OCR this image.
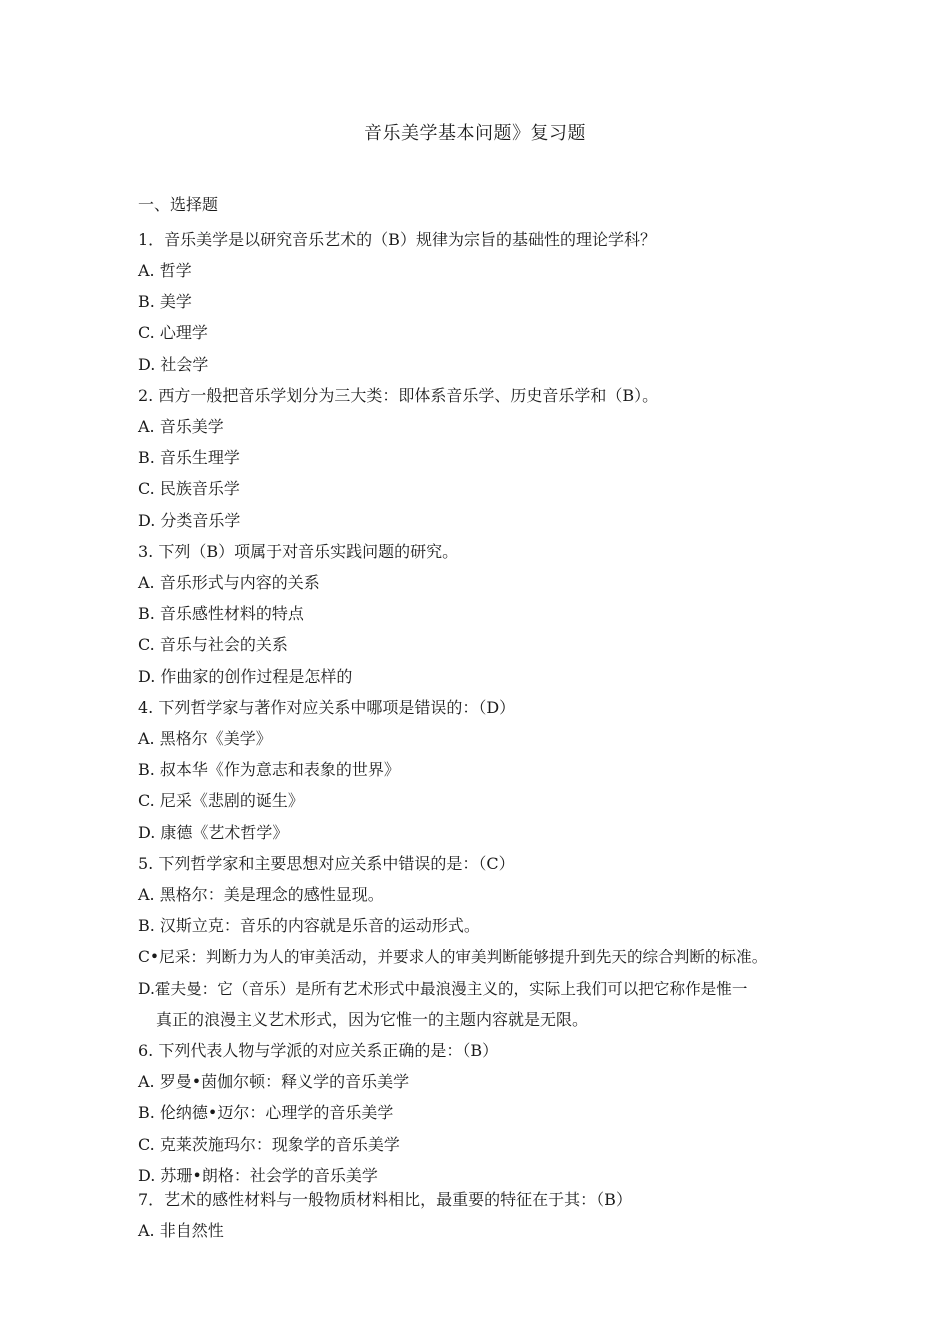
音乐美学基本问题》复习题
一、选择题
1．音乐美学是以研究音乐艺术的（B）规律为宗旨的基础性的理论学科？
A. 哲学
B. 美学
C. 心理学
D. 社会学
2. 西方一般把音乐学划分为三大类：即体系音乐学、历史音乐学和（B）。
A. 音乐美学
B. 音乐生理学
C. 民族音乐学
D. 分类音乐学
3. 下列（B）项属于对音乐实践问题的研究。
A. 音乐形式与内容的关系
B. 音乐感性材料的特点
C. 音乐与社会的关系
D. 作曲家的创作过程是怎样的
4. 下列哲学家与著作对应关系中哪项是错误的：（D）
A. 黑格尔《美学》
B. 叔本华《作为意志和表象的世界》
C. 尼采《悲剧的诞生》
D. 康德《艺术哲学》
5. 下列哲学家和主要思想对应关系中错误的是：（C）
A. 黑格尔：美是理念的感性显现。
B. 汉斯立克：音乐的内容就是乐音的运动形式。
C•尼采：判断力为人的审美活动，并要求人的审美判断能够提升到先天的综合判断的标准。
D.霍夫曼：它（音乐）是所有艺术形式中最浪漫主义的，实际上我们可以把它称作是惟一
真正的浪漫主义艺术形式，因为它惟一的主题内容就是无限。
6. 下列代表人物与学派的对应关系正确的是：（B）
A. 罗曼•茵伽尔顿：释义学的音乐美学
B. 伦纳德•迈尔：心理学的音乐美学
C. 克莱茨施玛尔：现象学的音乐美学
D. 苏珊•朗格：社会学的音乐美学
7．艺术的感性材料与一般物质材料相比，最重要的特征在于其：（B）
A. 非自然性
